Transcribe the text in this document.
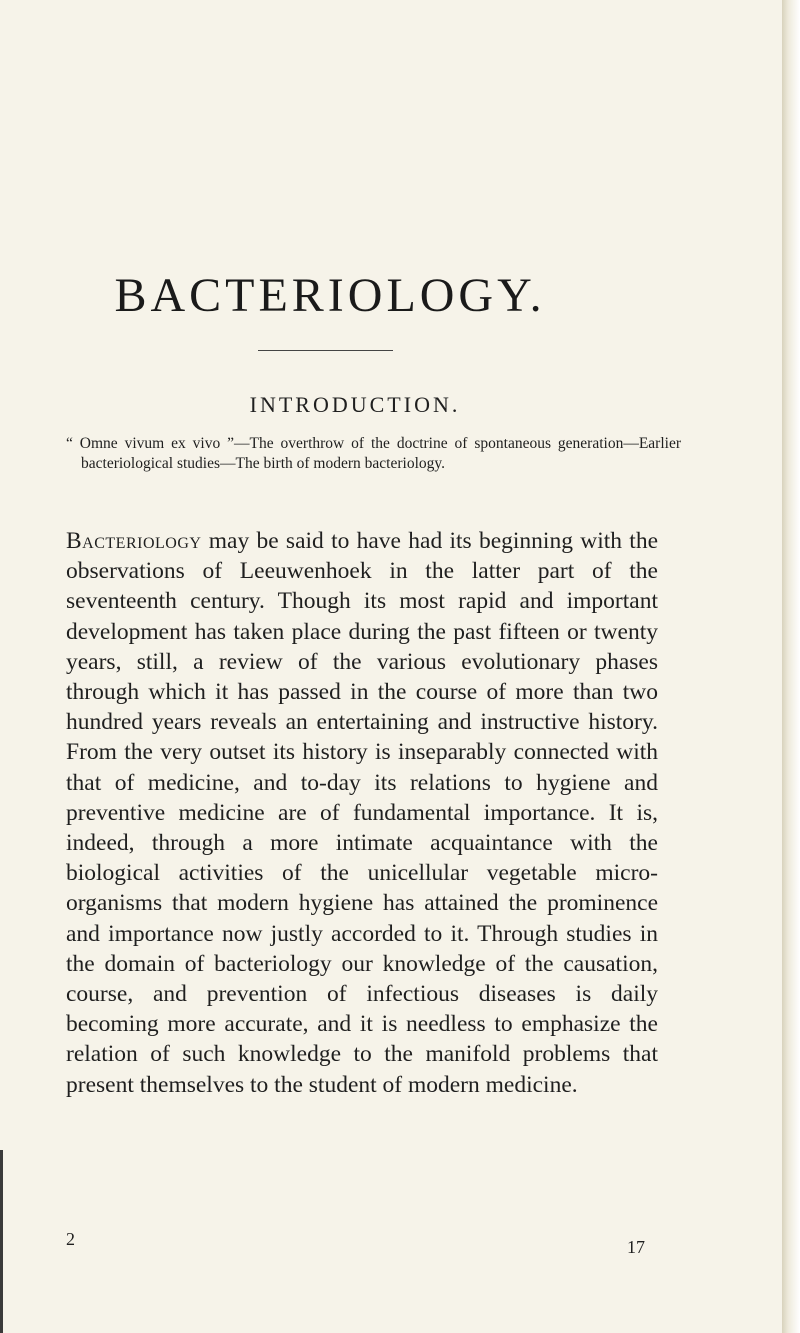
BACTERIOLOGY.
INTRODUCTION.

“ Omne vivum ex vivo ”—The overthrow of the doctrine of spontaneous generation—Earlier bacteriological studies—The birth of modern bacteriology.

Bacteriology may be said to have had its beginning with the observations of Leeuwenhoek in the latter part of the seventeenth century. Though its most rapid and important development has taken place during the past fifteen or twenty years, still, a review of the various evolutionary phases through which it has passed in the course of more than two hundred years reveals an entertaining and instructive history. From the very outset its history is inseparably connected with that of medicine, and to-day its relations to hygiene and preventive medicine are of fundamental importance. It is, indeed, through a more intimate acquaintance with the biological activities of the unicellular vegetable micro-organisms that modern hygiene has attained the prominence and importance now justly accorded to it. Through studies in the domain of bacteriology our knowledge of the causation, course, and prevention of infectious diseases is daily becoming more accurate, and it is needless to emphasize the relation of such knowledge to the manifold problems that present themselves to the student of modern medicine.

2	17
